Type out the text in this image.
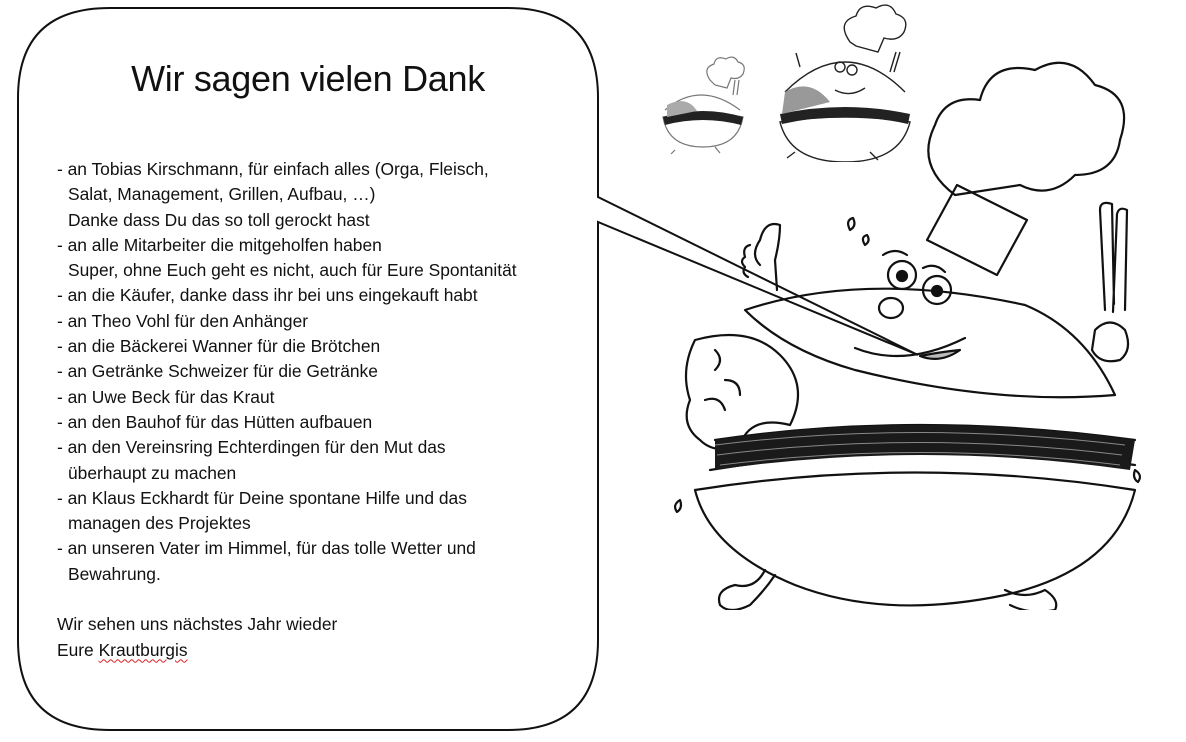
Wir sagen vielen Dank
- an Tobias Kirschmann, für einfach alles (Orga, Fleisch,
Salat, Management, Grillen, Aufbau, …)
Danke dass Du das so toll gerockt hast
- an alle Mitarbeiter die mitgeholfen haben
Super, ohne Euch geht es nicht, auch für Eure Spontanität
- an die Käufer, danke dass ihr bei uns eingekauft habt
- an Theo Vohl für den Anhänger
- an die Bäckerei Wanner für die Brötchen
- an Getränke Schweizer für die Getränke
- an Uwe Beck für das Kraut
- an den Bauhof für das Hütten aufbauen
- an den Vereinsring Echterdingen für den Mut das
überhaupt zu machen
- an Klaus Eckhardt für Deine spontane Hilfe und das
managen des Projektes
- an unseren Vater im Himmel, für das tolle Wetter und
Bewahrung.
Wir sehen uns nächstes Jahr wieder
Eure Krautburgis
